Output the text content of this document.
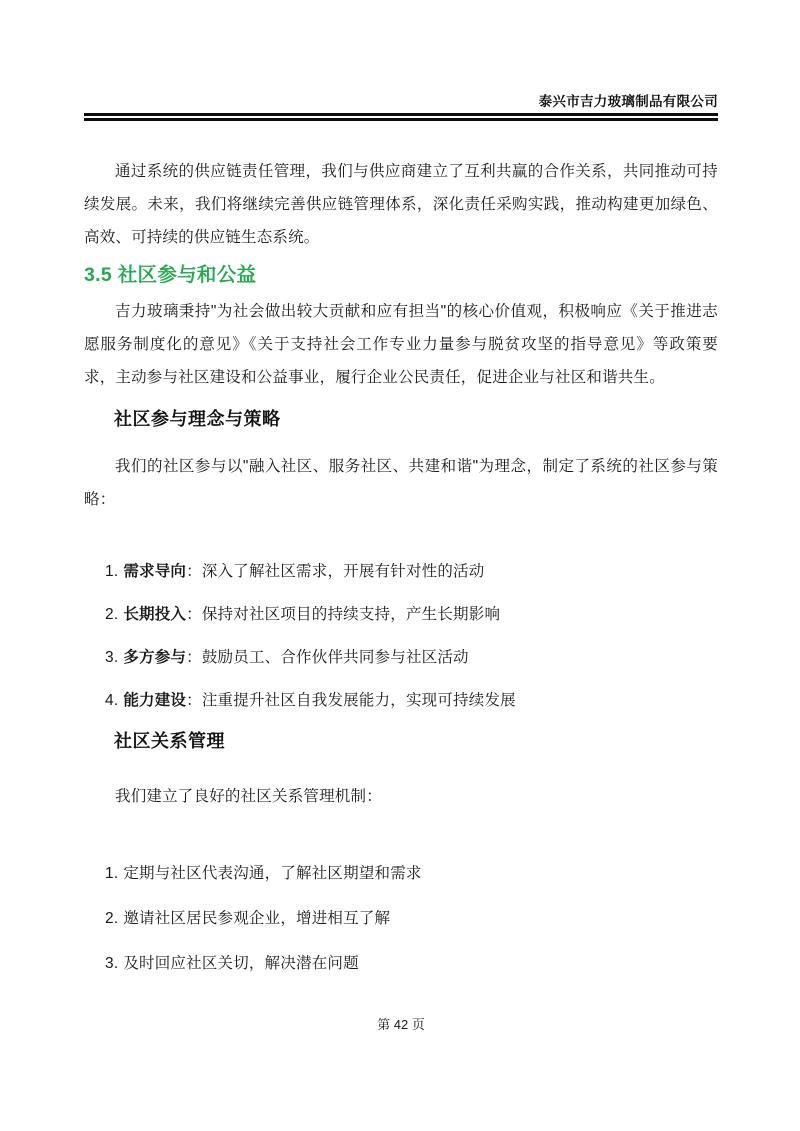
泰兴市吉力玻璃制品有限公司
通过系统的供应链责任管理，我们与供应商建立了互利共赢的合作关系，共同推动可持续发展。未来，我们将继续完善供应链管理体系，深化责任采购实践，推动构建更加绿色、高效、可持续的供应链生态系统。
3.5 社区参与和公益
吉力玻璃秉持"为社会做出较大贡献和应有担当"的核心价值观，积极响应《关于推进志愿服务制度化的意见》《关于支持社会工作专业力量参与脱贫攻坚的指导意见》等政策要求，主动参与社区建设和公益事业，履行企业公民责任，促进企业与社区和谐共生。
社区参与理念与策略
我们的社区参与以"融入社区、服务社区、共建和谐"为理念，制定了系统的社区参与策略：
1. 需求导向：深入了解社区需求，开展有针对性的活动
2. 长期投入：保持对社区项目的持续支持，产生长期影响
3. 多方参与：鼓励员工、合作伙伴共同参与社区活动
4. 能力建设：注重提升社区自我发展能力，实现可持续发展
社区关系管理
我们建立了良好的社区关系管理机制：
1. 定期与社区代表沟通，了解社区期望和需求
2. 邀请社区居民参观企业，增进相互了解
3. 及时回应社区关切，解决潜在问题
第 42 页
